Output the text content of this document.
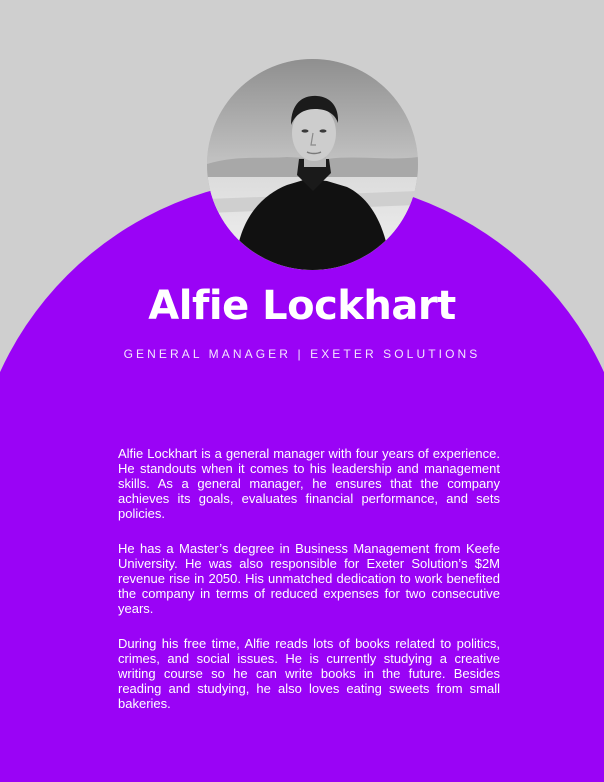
Alfie Lockhart
GENERAL MANAGER | EXETER SOLUTIONS

Alfie Lockhart is a general manager with four years of experience. He standouts when it comes to his leadership and management skills. As a general manager, he ensures that the company achieves its goals, evaluates financial performance, and sets policies.

He has a Master’s degree in Business Management from Keefe University. He was also responsible for Exeter Solution’s $2M revenue rise in 2050. His unmatched dedication to work benefited the company in terms of reduced expenses for two consecutive years.

During his free time, Alfie reads lots of books related to politics, crimes, and social issues. He is currently studying a creative writing course so he can write books in the future. Besides reading and studying, he also loves eating sweets from small bakeries.
